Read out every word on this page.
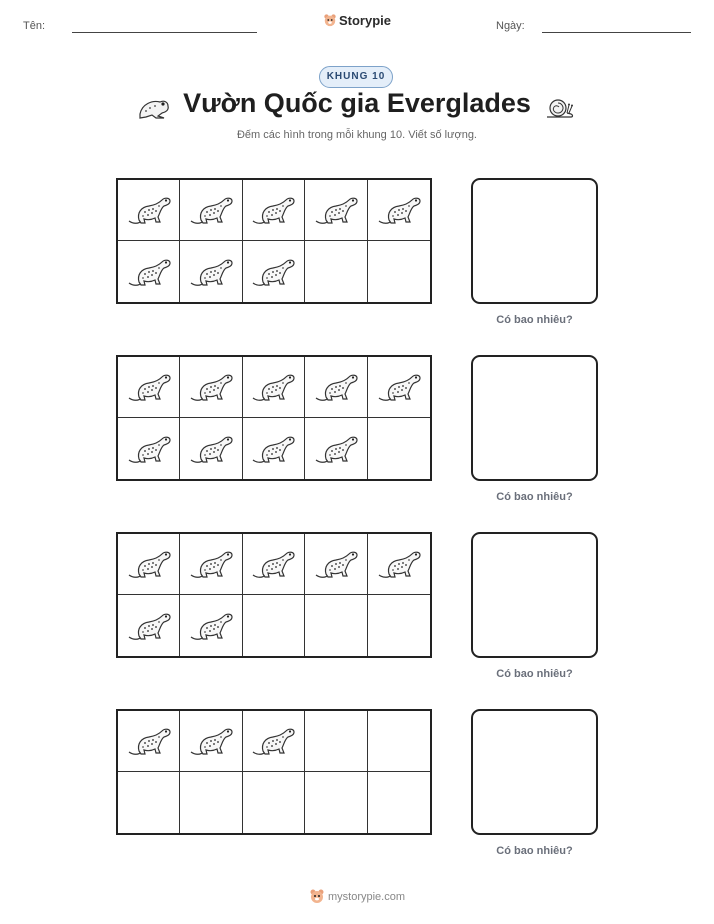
Tên:	Storypie	Ngày:
KHUNG 10
Vườn Quốc gia Everglades
Đếm các hình trong mỗi khung 10. Viết số lượng.
Có bao nhiêu?
Có bao nhiêu?
Có bao nhiêu?
Có bao nhiêu?
mystorypie.com
